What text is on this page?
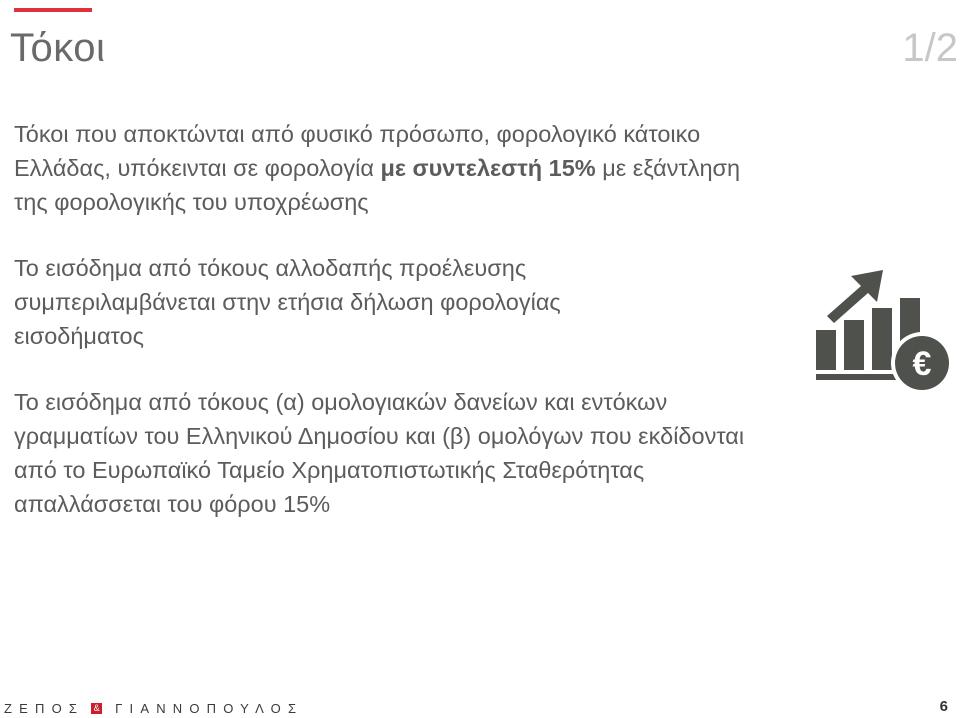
Τόκοι	1/2

Τόκοι που αποκτώνται από φυσικό πρόσωπο, φορολογικό κάτοικο Ελλάδας, υπόκεινται σε φορολογία με συντελεστή 15% με εξάντληση της φορολογικής του υποχρέωσης

Το εισόδημα από τόκους αλλοδαπής προέλευσης συμπεριλαμβάνεται στην ετήσια δήλωση φορολογίας εισοδήματος

Το εισόδημα από τόκους (α) ομολογιακών δανείων και εντόκων γραμματίων του Ελληνικού Δημοσίου και (β) ομολόγων που εκδίδονται από το Ευρωπαϊκό Ταμείο Χρηματοπιστωτικής Σταθερότητας απαλλάσσεται του φόρου 15%

€
ΖΕΠΟΣ & ΓΙΑΝΝΟΠΟΥΛΟΣ	6
